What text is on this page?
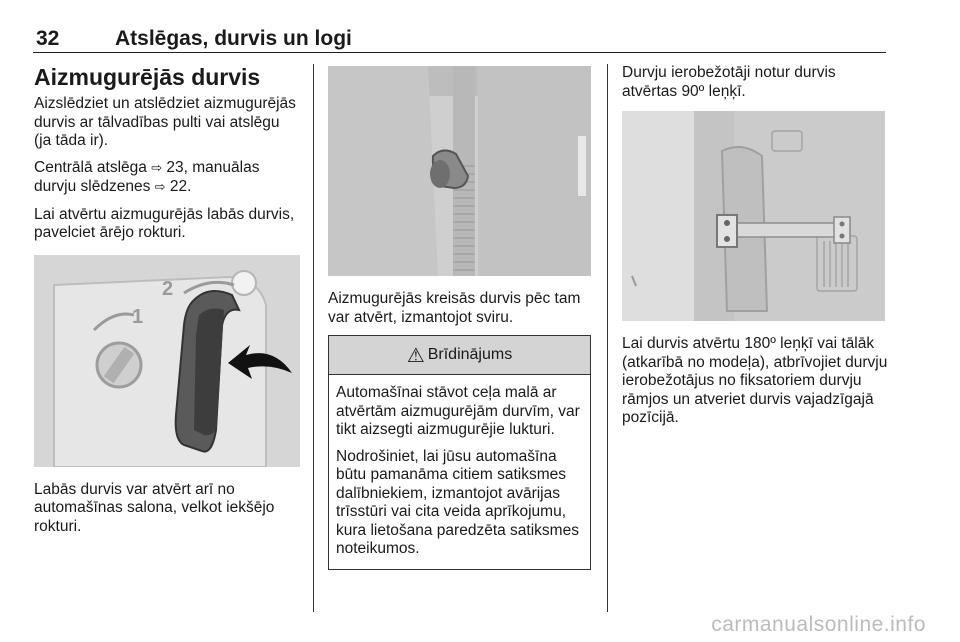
32	Atslēgas, durvis un logi
Aizmugurējās durvis

Aizslēdziet un atslēdziet aizmugurējās durvis ar tālvadības pulti vai atslēgu (ja tāda ir).

Centrālā atslēga ⇨ 23, manuālas durvju slēdzenes ⇨ 22.

Lai atvērtu aizmugurējās labās durvis, pavelciet ārējo rokturi.

2
1

Labās durvis var atvērt arī no automašīnas salona, velkot iekšējo rokturi.

Aizmugurējās kreisās durvis pēc tam var atvērt, izmantojot sviru.

⚠ Brīdinājums

Automašīnai stāvot ceļa malā ar atvērtām aizmugurējām durvīm, var tikt aizsegti aizmugurējie lukturi.

Nodrošiniet, lai jūsu automašīna būtu pamanāma citiem satiksmes dalībniekiem, izmantojot avārijas trīsstūri vai cita veida aprīkojumu, kura lietošana paredzēta satiksmes noteikumos.

Durvju ierobežotāji notur durvis atvērtas 90º leņķī.

Lai durvis atvērtu 180º leņķī vai tālāk (atkarībā no modeļa), atbrīvojiet durvju ierobežotājus no fiksatoriem durvju rāmjos un atveriet durvis vajadzīgajā pozīcijā.

carmanualsonline.info
